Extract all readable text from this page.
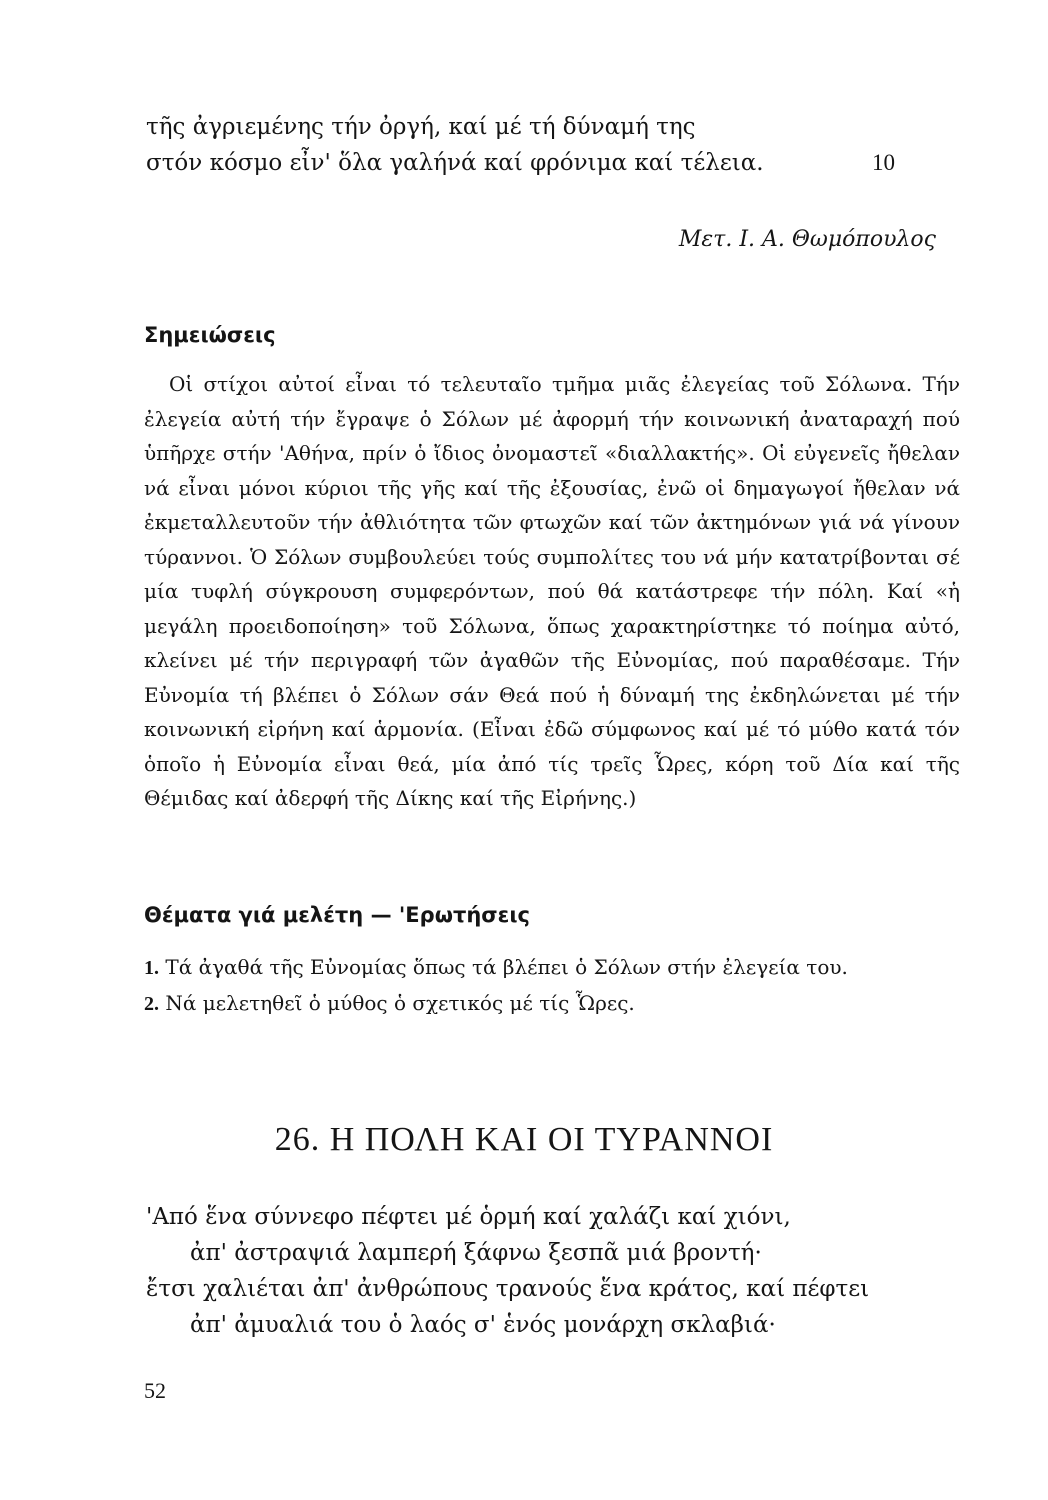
τῆς ἀγριεμένης τήν ὀργή, καί μέ τή δύναμή της
στόν κόσμο εἶν' ὅλα γαλήνά καί φρόνιμα καί τέλεια.	10
Μετ. Ι. Α. Θωμόπουλος
Σημειώσεις

Οἱ στίχοι αὐτοί εἶναι τό τελευταῖο τμῆμα μιᾶς ἐλεγείας τοῦ Σόλωνα. Τήν ἐλεγεία αὐτή τήν ἔγραψε ὁ Σόλων μέ ἀφορμή τήν κοινωνική ἀναταραχή πού ὑπῆρχε στήν 'Αθήνα, πρίν ὁ ἴδιος ὀνομαστεῖ «διαλλακτής». Οἱ εὐγενεῖς ἤθελαν νά εἶναι μόνοι κύριοι τῆς γῆς καί τῆς ἐξουσίας, ἐνῶ οἱ δημαγωγοί ἤθελαν νά ἐκμεταλλευτοῦν τήν ἀθλιότητα τῶν φτωχῶν καί τῶν ἀκτημόνων γιά νά γίνουν τύραννοι. Ὁ Σόλων συμβουλεύει τούς συμπολίτες του νά μήν κατατρίβονται σέ μία τυφλή σύγκρουση συμφερόντων, πού θά κατάστρεφε τήν πόλη. Καί «ἡ μεγάλη προειδοποίηση» τοῦ Σόλωνα, ὅπως χαρακτηρίστηκε τό ποίημα αὐτό, κλείνει μέ τήν περιγραφή τῶν ἀγαθῶν τῆς Εὐνομίας, πού παραθέσαμε. Τήν Εὐνομία τή βλέπει ὁ Σόλων σάν Θεά πού ἡ δύναμή της ἐκδηλώνεται μέ τήν κοινωνική εἰρήνη καί ἁρμονία. (Εἶναι ἐδῶ σύμφωνος καί μέ τό μύθο κατά τόν ὁποῖο ἡ Εὐνομία εἶναι θεά, μία ἀπό τίς τρεῖς Ὧρες, κόρη τοῦ Δία καί τῆς Θέμιδας καί ἀδερφή τῆς Δίκης καί τῆς Εἰρήνης.)

Θέματα γιά μελέτη — 'Ερωτήσεις
1. Τά ἀγαθά τῆς Εὐνομίας ὅπως τά βλέπει ὁ Σόλων στήν ἐλεγεία του.
2. Νά μελετηθεῖ ὁ μύθος ὁ σχετικός μέ τίς Ὧρες.
26. Η ΠΟΛΗ ΚΑΙ ΟΙ ΤΥΡΑΝΝΟΙ
'Από ἕνα σύννεφο πέφτει μέ ὁρμή καί χαλάζι καί χιόνι,
ἀπ' ἀστραψιά λαμπερή ξάφνω ξεσπᾶ μιά βροντή·
ἔτσι χαλιέται ἀπ' ἀνθρώπους τρανούς ἕνα κράτος, καί πέφτει
ἀπ' ἀμυαλιά του ὁ λαός σ' ἑνός μονάρχη σκλαβιά·
52
